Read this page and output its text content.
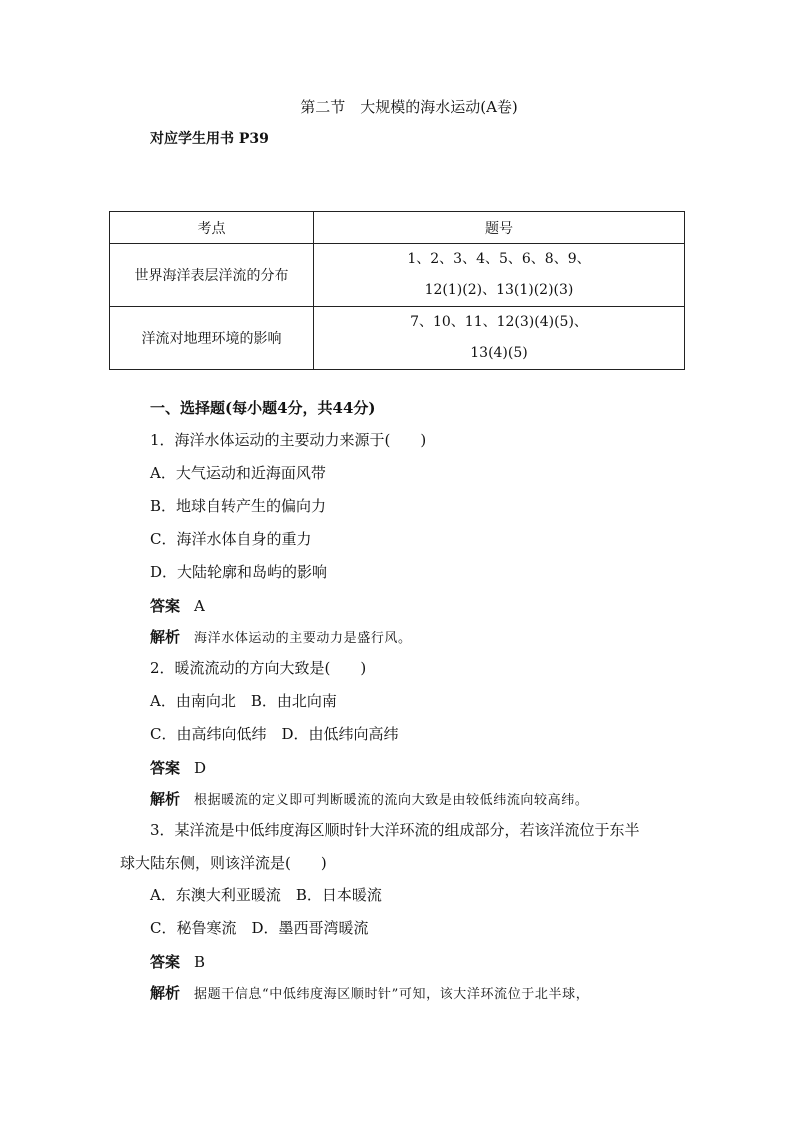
第二节　大规模的海水运动(A卷)
对应学生用书 P39
考点	题号
世界海洋表层洋流的分布	1、2、3、4、5、6、8、9、
12(1)(2)、13(1)(2)(3)

洋流对地理环境的影响	7、10、11、12(3)(4)(5)、
13(4)(5)
一、选择题(每小题4分，共44分)
1．海洋水体运动的主要动力来源于(　　)
A．大气运动和近海面风带
B．地球自转产生的偏向力
C．海洋水体自身的重力
D．大陆轮廓和岛屿的影响
答案 A
解析 海洋水体运动的主要动力是盛行风。
2．暖流流动的方向大致是(　　)
A．由南向北　B．由北向南
C．由高纬向低纬　D．由低纬向高纬
答案 D
解析 根据暖流的定义即可判断暖流的流向大致是由较低纬流向较高纬。
3．某洋流是中低纬度海区顺时针大洋环流的组成部分，若该洋流位于东半
球大陆东侧，则该洋流是(　　)
A．东澳大利亚暖流　B．日本暖流
C．秘鲁寒流　D．墨西哥湾暖流
答案 B
解析 据题干信息“中低纬度海区顺时针”可知，该大洋环流位于北半球，
